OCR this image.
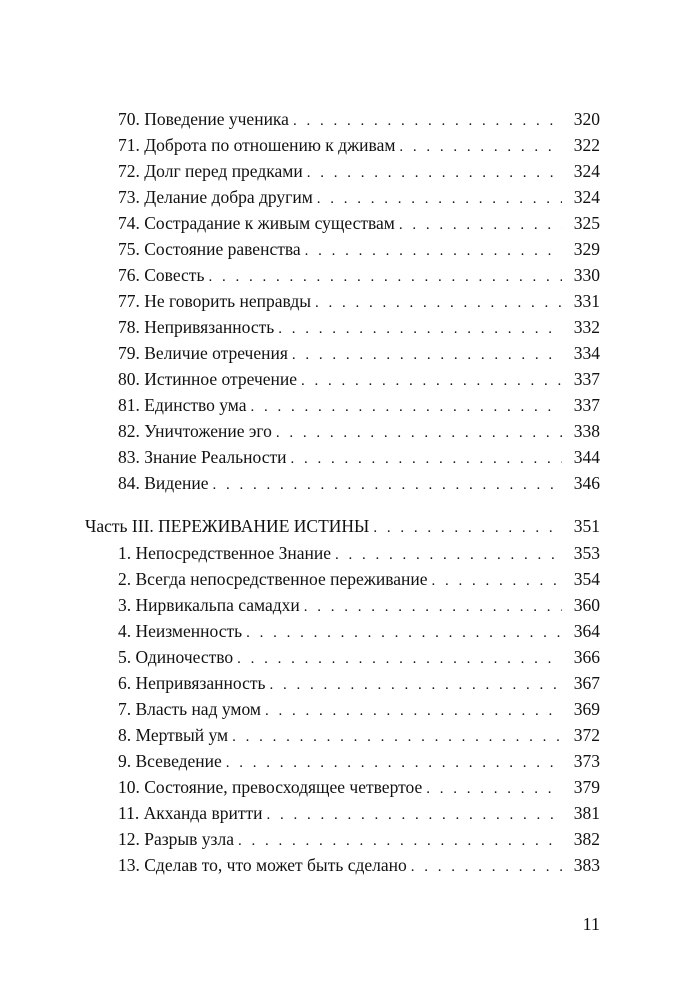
70. Поведение ученика . . .	320
71. Доброта по отношению к дживам . . .	322
72. Долг перед предками . . .	324
73. Делание добра другим . . .	324
74. Сострадание к живым существам . . .	325
75. Состояние равенства . . .	329
76. Совесть . . .	330
77. Не говорить неправды . . .	331
78. Непривязанность . . .	332
79. Величие отречения . . .	334
80. Истинное отречение . . .	337
81. Единство ума . . .	337
82. Уничтожение эго . . .	338
83. Знание Реальности . . .	344
84. Видение . . .	346
Часть III. ПЕРЕЖИВАНИЕ ИСТИНЫ . . .	351
1. Непосредственное Знание . . .	353
2. Всегда непосредственное переживание . . .	354
3. Нирвикальпа самадхи . . .	360
4. Неизменность . . .	364
5. Одиночество . . .	366
6. Непривязанность . . .	367
7. Власть над умом . . .	369
8. Мертвый ум . . .	372
9. Всеведение . . .	373
10. Состояние, превосходящее четвертое . . .	379
11. Акханда вритти . . .	381
12. Разрыв узла . . .	382
13. Сделав то, что может быть сделано . . .	383
11
